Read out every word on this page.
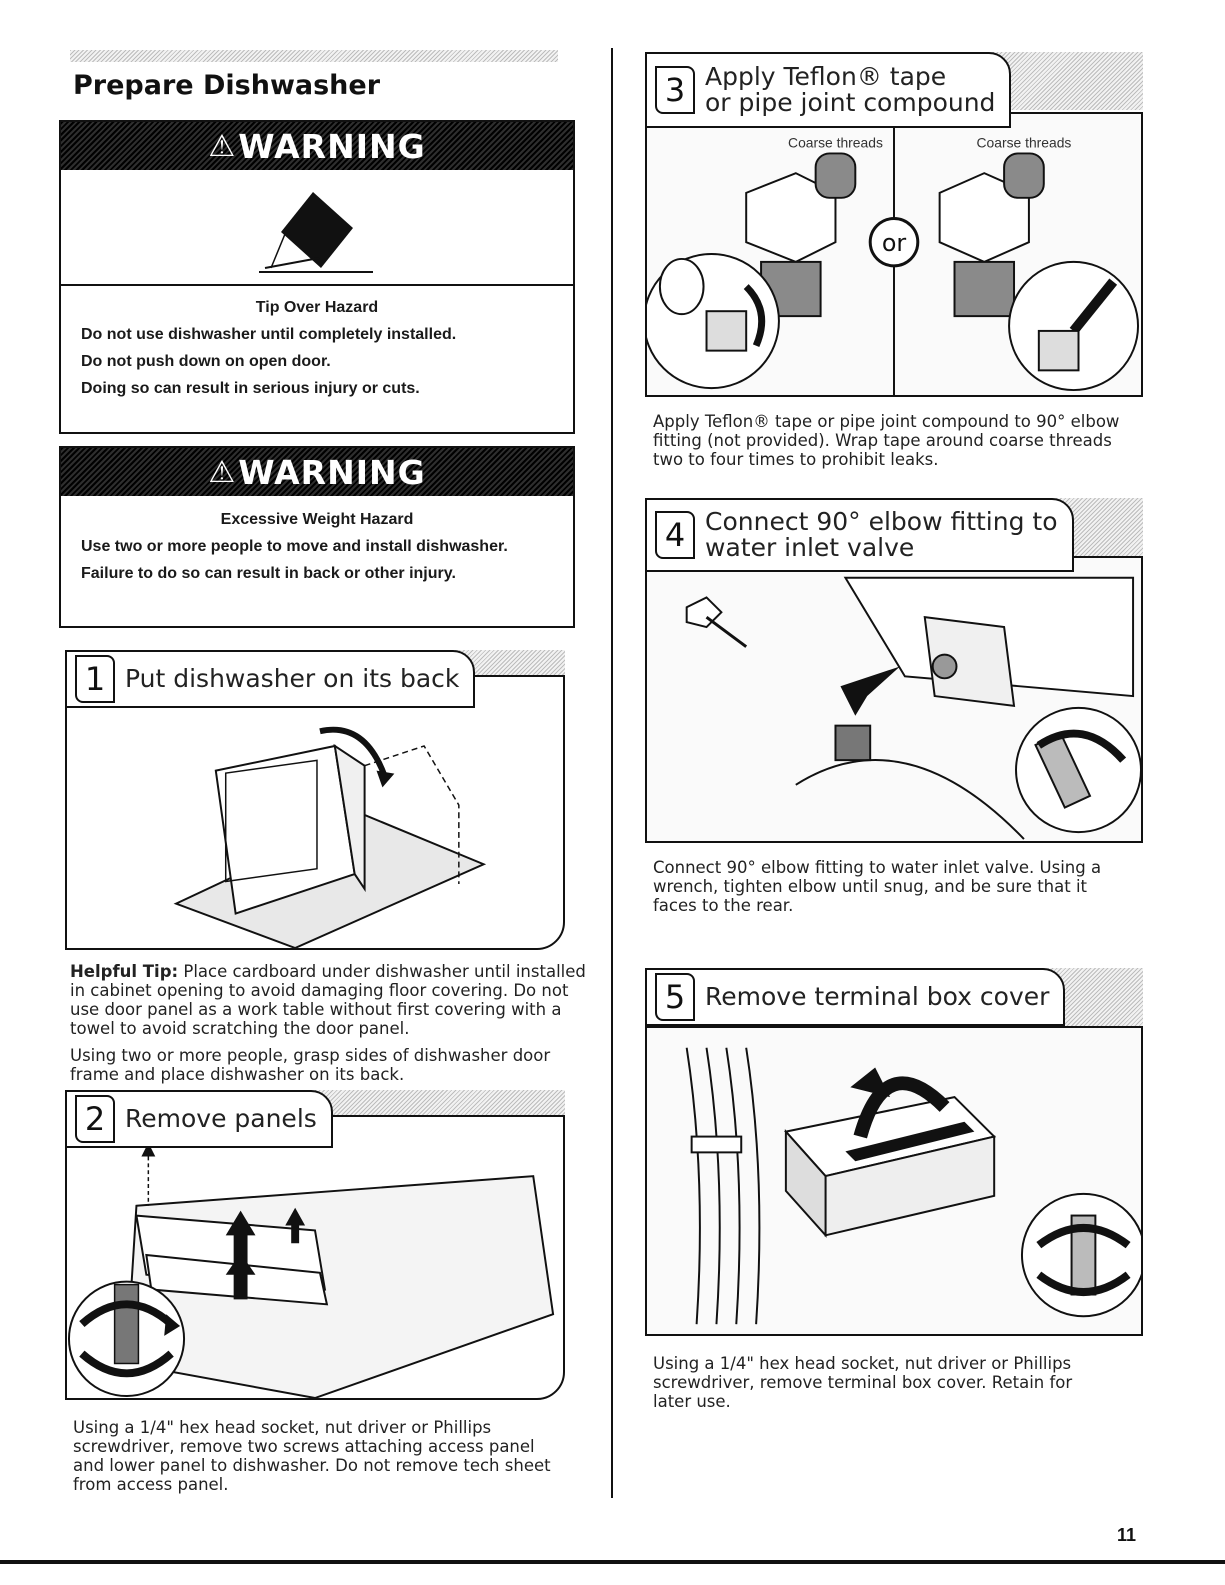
Prepare Dishwasher
⚠ WARNING
Tip Over Hazard

Do not use dishwasher until completely installed.

Do not push down on open door.

Doing so can result in serious injury or cuts.

⚠ WARNING
Excessive Weight Hazard

Use two or more people to move and install dishwasher.

Failure to do so can result in back or other injury.

1 Put dishwasher on its back

Helpful Tip: Place cardboard under dishwasher until installed in cabinet opening to avoid damaging floor covering. Do not use door panel as a work table without first covering with a towel to avoid scratching the door panel.

Using two or more people, grasp sides of dishwasher door frame and place dishwasher on its back.

2 Remove panels

Using a 1/4" hex head socket, nut driver or Phillips screwdriver, remove two screws attaching access panel and lower panel to dishwasher. Do not remove tech sheet from access panel.

Coarse threads	Coarse threads
or
3 Apply Teflon® tape
or pipe joint compound

Apply Teflon® tape or pipe joint compound to 90° elbow fitting (not provided). Wrap tape around coarse threads two to four times to prohibit leaks.

4 Connect 90° elbow fitting to
water inlet valve

Connect 90° elbow fitting to water inlet valve. Using a wrench, tighten elbow until snug, and be sure that it faces to the rear.

5 Remove terminal box cover

Using a 1/4" hex head socket, nut driver or Phillips screwdriver, remove terminal box cover. Retain for later use.

11
